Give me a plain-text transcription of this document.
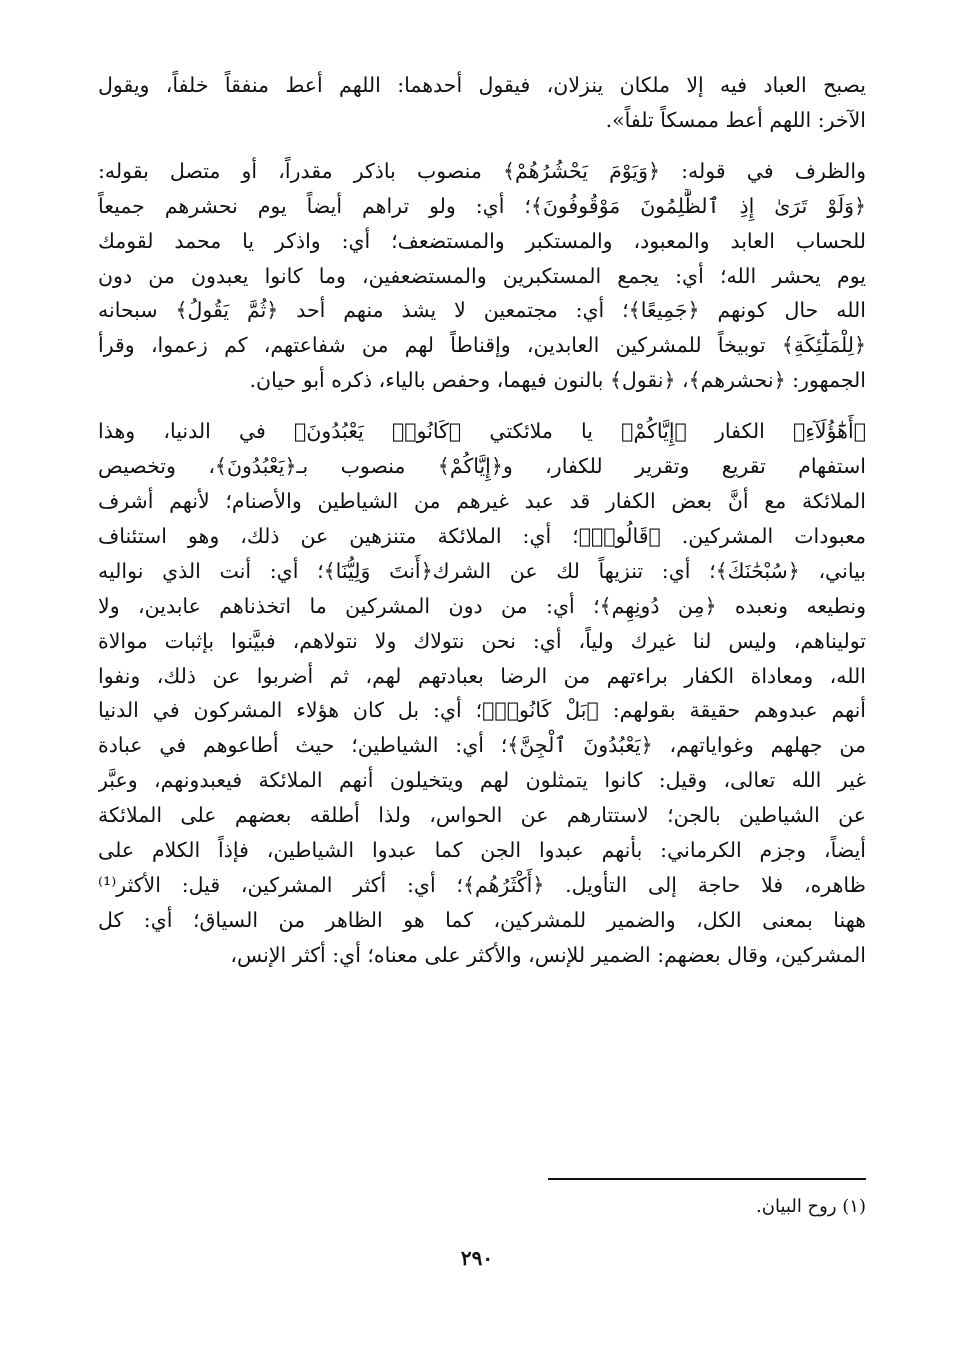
يصبح العباد فيه إلا ملكان ينزلان، فيقول أحدهما: اللهم أعط منفقاً خلفاً، ويقول
الآخر: اللهم أعط ممسكاً تلفاً».

والظرف في قوله: ﴿وَيَوْمَ يَحْشُرُهُمْ﴾ منصوب باذكر مقدراً، أو متصل بقوله:
﴿وَلَوْ تَرَىٰ إِذِ ٱلظَّٰلِمُونَ مَوْقُوفُونَ﴾؛ أي: ولو تراهم أيضاً يوم نحشرهم جميعاً
للحساب العابد والمعبود، والمستكبر والمستضعف؛ أي: واذكر يا محمد لقومك
يوم يحشر الله؛ أي: يجمع المستكبرين والمستضعفين، وما كانوا يعبدون من دون
الله حال كونهم ﴿جَمِيعًا﴾؛ أي: مجتمعين لا يشذ منهم أحد ﴿ثُمَّ يَقُولُ﴾ سبحانه
﴿لِلْمَلَٰٓئِكَةِ﴾ توبيخاً للمشركين العابدين، وإقناطاً لهم من شفاعتهم، كم زعموا، وقرأ
الجمهور: ﴿نحشرهم﴾، ﴿نقول﴾ بالنون فيهما، وحفص بالياء، ذكره أبو حيان.

﴿أَهَٰٓؤُلَآءِ﴾ الكفار ﴿إِيَّاكُمْ﴾ يا ملائكتي ﴿كَانُوا۟ يَعْبُدُونَ﴾ في الدنيا، وهذا
استفهام تقريع وتقرير للكفار، و﴿إِيَّاكُمْ﴾ منصوب بـ﴿يَعْبُدُونَ﴾، وتخصيص
الملائكة مع أنَّ بعض الكفار قد عبد غيرهم من الشياطين والأصنام؛ لأنهم أشرف
معبودات المشركين. ﴿قَالُوا۟﴾؛ أي: الملائكة متنزهين عن ذلك، وهو استئناف
بياني، ﴿سُبْحَٰنَكَ﴾؛ أي: تنزيهاً لك عن الشرك﴿أَنتَ وَلِيُّنَا﴾؛ أي: أنت الذي نواليه
ونطيعه ونعبده ﴿مِن دُونِهِم﴾؛ أي: من دون المشركين ما اتخذناهم عابدين، ولا
توليناهم، وليس لنا غيرك ولياً، أي: نحن نتولاك ولا نتولاهم، فبيَّنوا بإثبات موالاة
الله، ومعاداة الكفار براءتهم من الرضا بعبادتهم لهم، ثم أضربوا عن ذلك، ونفوا
أنهم عبدوهم حقيقة بقولهم: ﴿بَلْ كَانُوا۟﴾؛ أي: بل كان هؤلاء المشركون في الدنيا
من جهلهم وغواياتهم، ﴿يَعْبُدُونَ ٱلْجِنَّ﴾؛ أي: الشياطين؛ حيث أطاعوهم في عبادة
غير الله تعالى، وقيل: كانوا يتمثلون لهم ويتخيلون أنهم الملائكة فيعبدونهم، وعبَّر
عن الشياطين بالجن؛ لاستتارهم عن الحواس، ولذا أطلقه بعضهم على الملائكة
أيضاً، وجزم الكرماني: بأنهم عبدوا الجن كما عبدوا الشياطين، فإذاً الكلام على
ظاهره، فلا حاجة إلى التأويل. ﴿أَكْثَرُهُم﴾؛ أي: أكثر المشركين، قيل: الأكثر⁽¹⁾
ههنا بمعنى الكل، والضمير للمشركين، كما هو الظاهر من السياق؛ أي: كل
المشركين، وقال بعضهم: الضمير للإنس، والأكثر على معناه؛ أي: أكثر الإنس،

(١) روح البيان.
٢٩٠
